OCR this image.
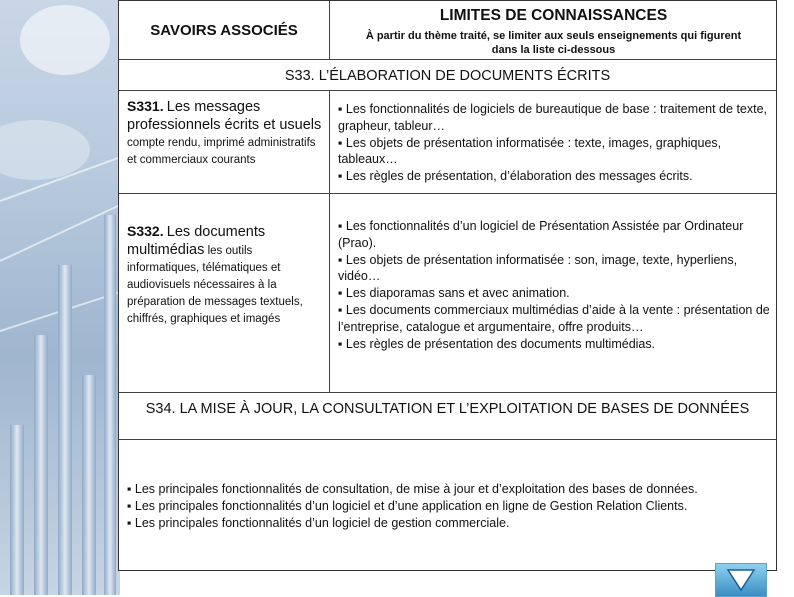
SAVOIRS ASSOCIÉS
LIMITES DE CONNAISSANCES
À partir du thème traité, se limiter aux seuls enseignements qui figurent dans la liste ci-dessous
S33. L’ÉLABORATION DE DOCUMENTS ÉCRITS
S331. Les messages professionnels écrits et usuels compte rendu, imprimé administratifs et commerciaux courants
▪ Les fonctionnalités de logiciels de bureautique de base : traitement de texte, grapheur, tableur…
▪ Les objets de présentation informatisée : texte, images, graphiques, tableaux…
▪ Les règles de présentation, d’élaboration des messages écrits.
S332. Les documents multimédias les outils informatiques, télématiques et audiovisuels nécessaires à la préparation de messages textuels, chiffrés, graphiques et imagés
▪ Les fonctionnalités d’un logiciel de Présentation Assistée par Ordinateur (Prao).
▪ Les objets de présentation informatisée : son, image, texte, hyperliens, vidéo…
▪ Les diaporamas sans et avec animation.
▪ Les documents commerciaux multimédias d’aide à la vente : présentation de l’entreprise, catalogue et argumentaire, offre produits…
▪ Les règles de présentation des documents multimédias.
S34. LA MISE À JOUR, LA CONSULTATION ET L’EXPLOITATION DE BASES DE DONNÉES
▪ Les principales fonctionnalités de consultation, de mise à jour et d’exploitation des bases de données.
▪ Les principales fonctionnalités d’un logiciel et d’une application en ligne de Gestion Relation Clients.
▪ Les principales fonctionnalités d’un logiciel de gestion commerciale.
